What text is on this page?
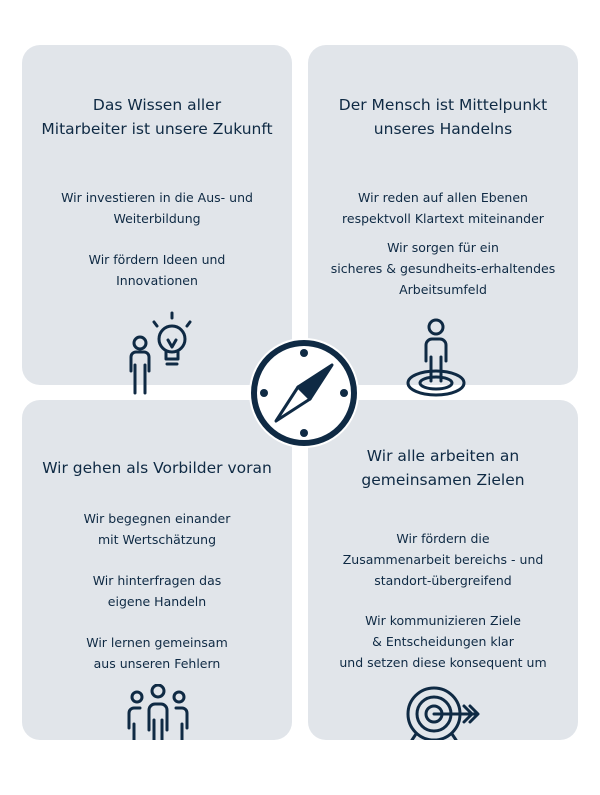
Das Wissen aller
Mitarbeiter ist unsere Zukunft
Wir investieren in die Aus- und
Weiterbildung
Wir fördern Ideen und
Innovationen
Der Mensch ist Mittelpunkt
unseres Handelns
Wir reden auf allen Ebenen
respektvoll Klartext miteinander
Wir sorgen für ein
sicheres & gesundheits-erhaltendes
Arbeitsumfeld
Wir gehen als Vorbilder voran
Wir begegnen einander
mit Wertschätzung
Wir hinterfragen das
eigene Handeln
Wir lernen gemeinsam
aus unseren Fehlern
Wir alle arbeiten an
gemeinsamen Zielen
Wir fördern die
Zusammenarbeit bereichs - und
standort-übergreifend
Wir kommunizieren Ziele
& Entscheidungen klar
und setzen diese konsequent um
